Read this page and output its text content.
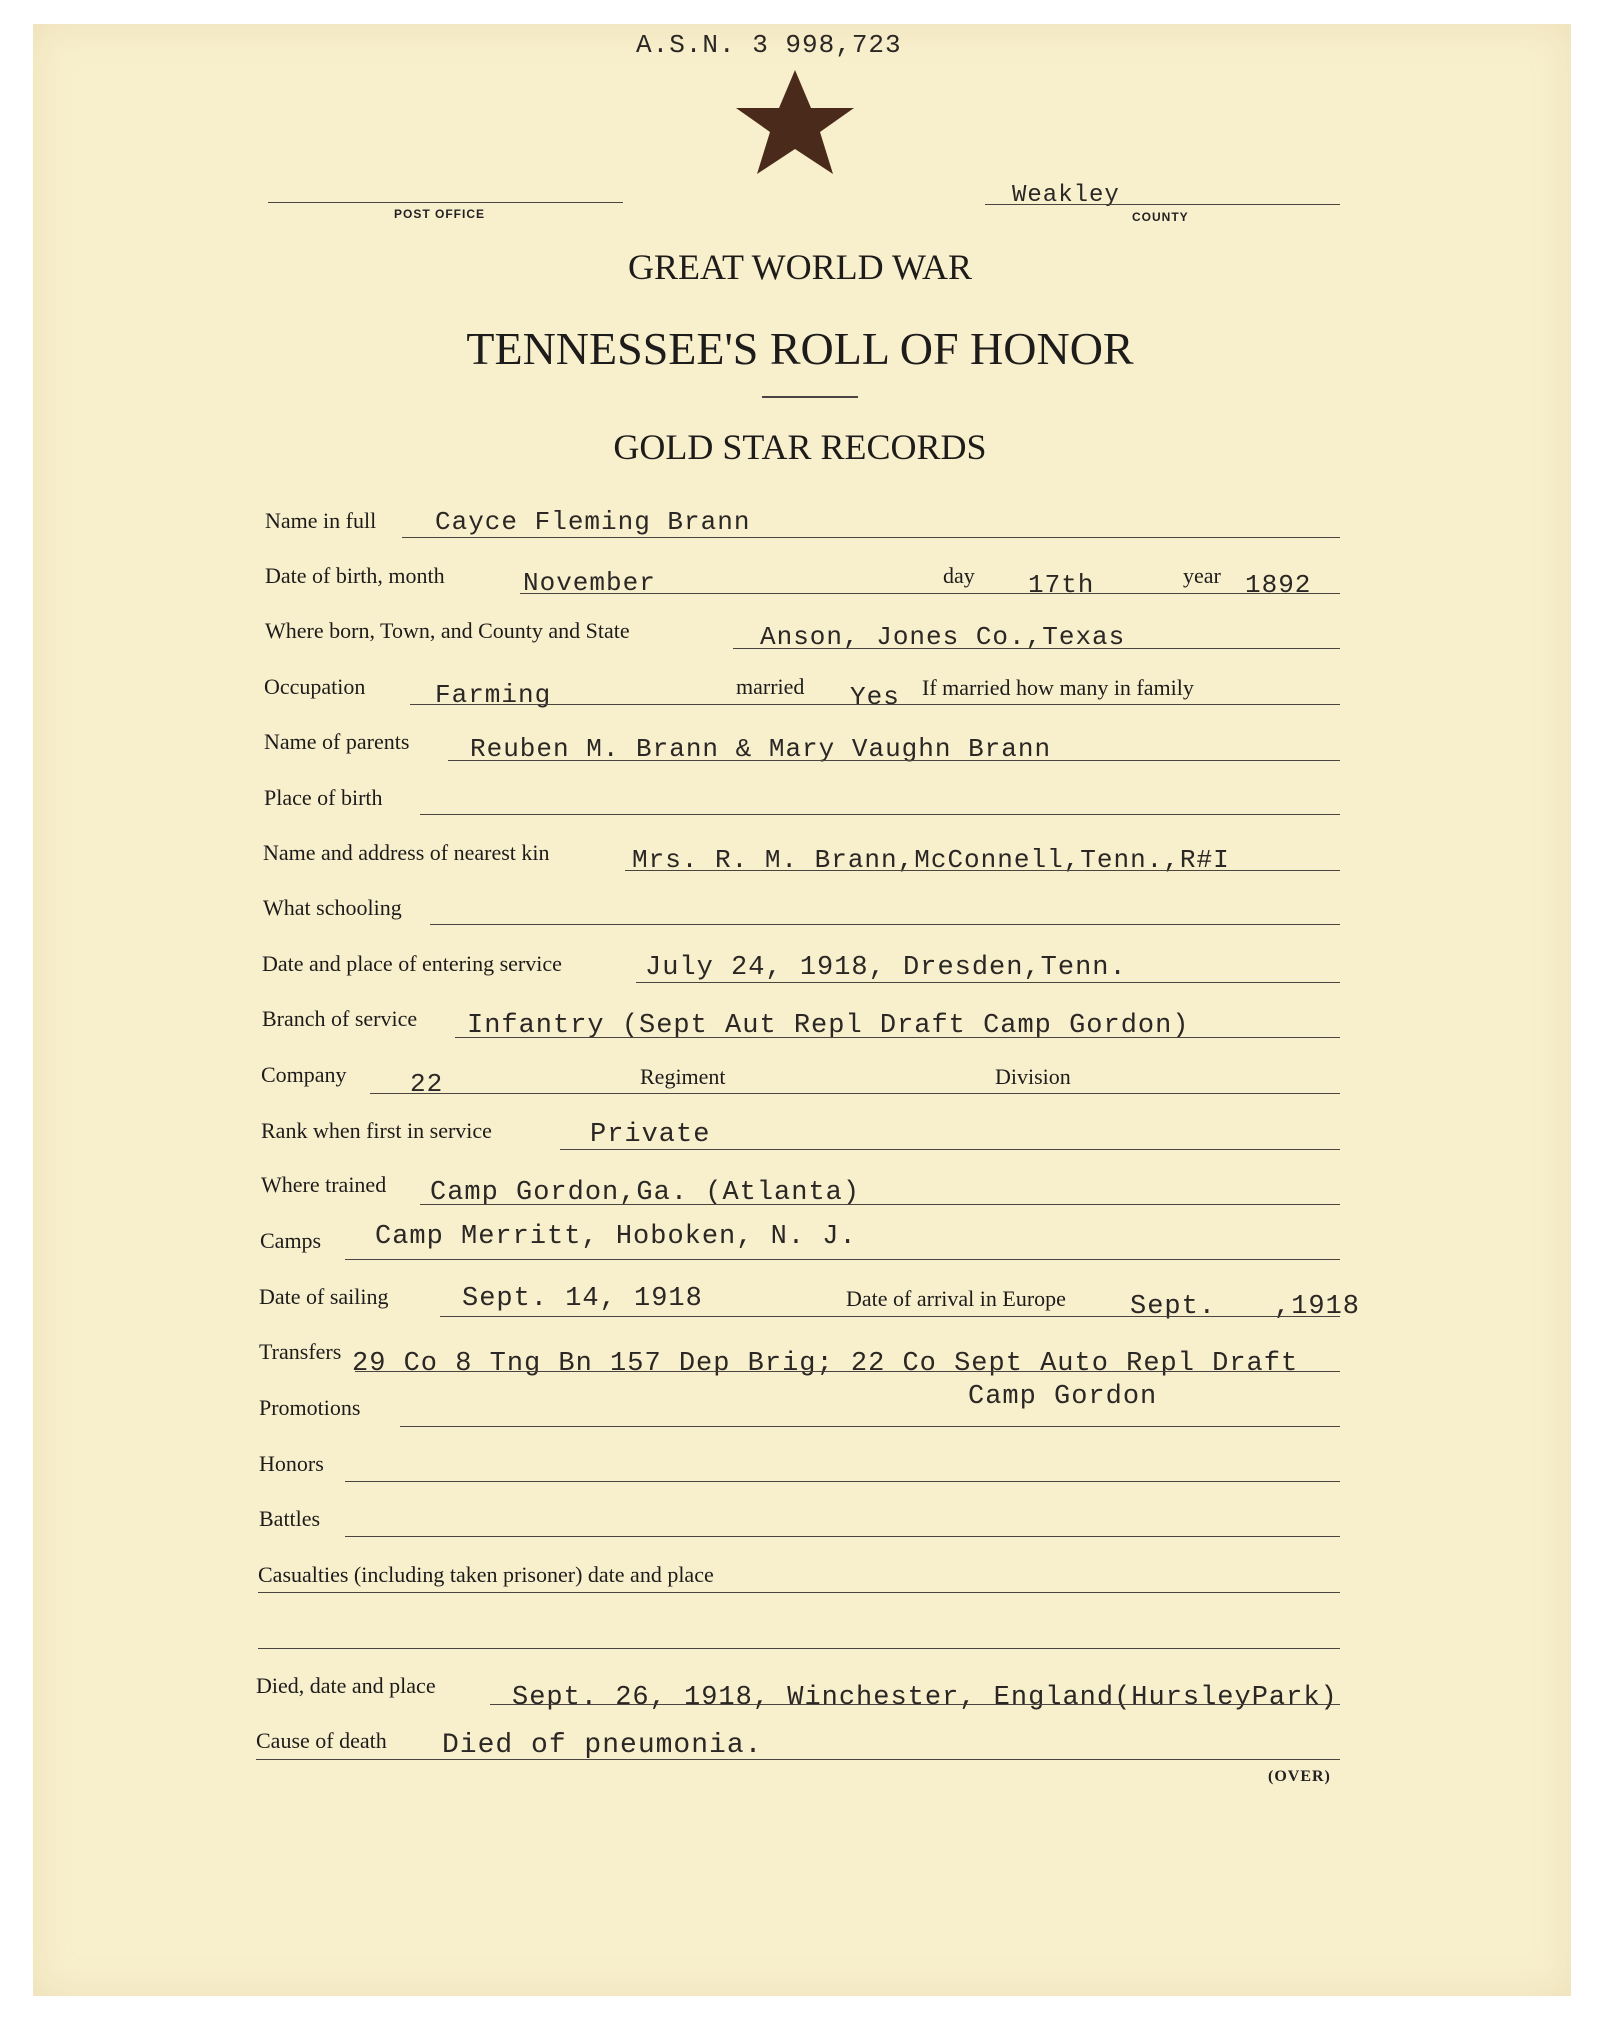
A.S.N. 3 998,723
POST OFFICE
Weakley
COUNTY
GREAT WORLD WAR
TENNESSEE'S ROLL OF HONOR
GOLD STAR RECORDS
Name in full Cayce Fleming Brann
Date of birth, month	November	day 17th	year 1892
Where born, Town, and County and State	Anson, Jones Co.,Texas
Occupation	Farming	married Yes If married how many in family
Name of parents Reuben M. Brann & Mary Vaughn Brann
Place of birth
Name and address of nearest kin	Mrs. R. M. Brann,McConnell,Tenn.,R#I
What schooling
Date and place of entering service	July 24, 1918, Dresden,Tenn.
Branch of service Infantry (Sept Aut Repl Draft Camp Gordon)
Company 22	Regiment	Division
Rank when first in service	Private
Where trained Camp Gordon,Ga. (Atlanta)
Camps Camp Merritt, Hoboken, N. J.
Date of sailing	Sept. 14, 1918	Date of arrival in Europe Sept. ,1918
Transfers 29 Co 8 Tng Bn 157 Dep Brig; 22 Co Sept Auto Repl Draft
Camp Gordon
Promotions
Honors
Battles
Casualties (including taken prisoner) date and place
Died, date and place	Sept. 26, 1918, Winchester, England(HursleyPark)
Cause of death Died of pneumonia.
(OVER)
